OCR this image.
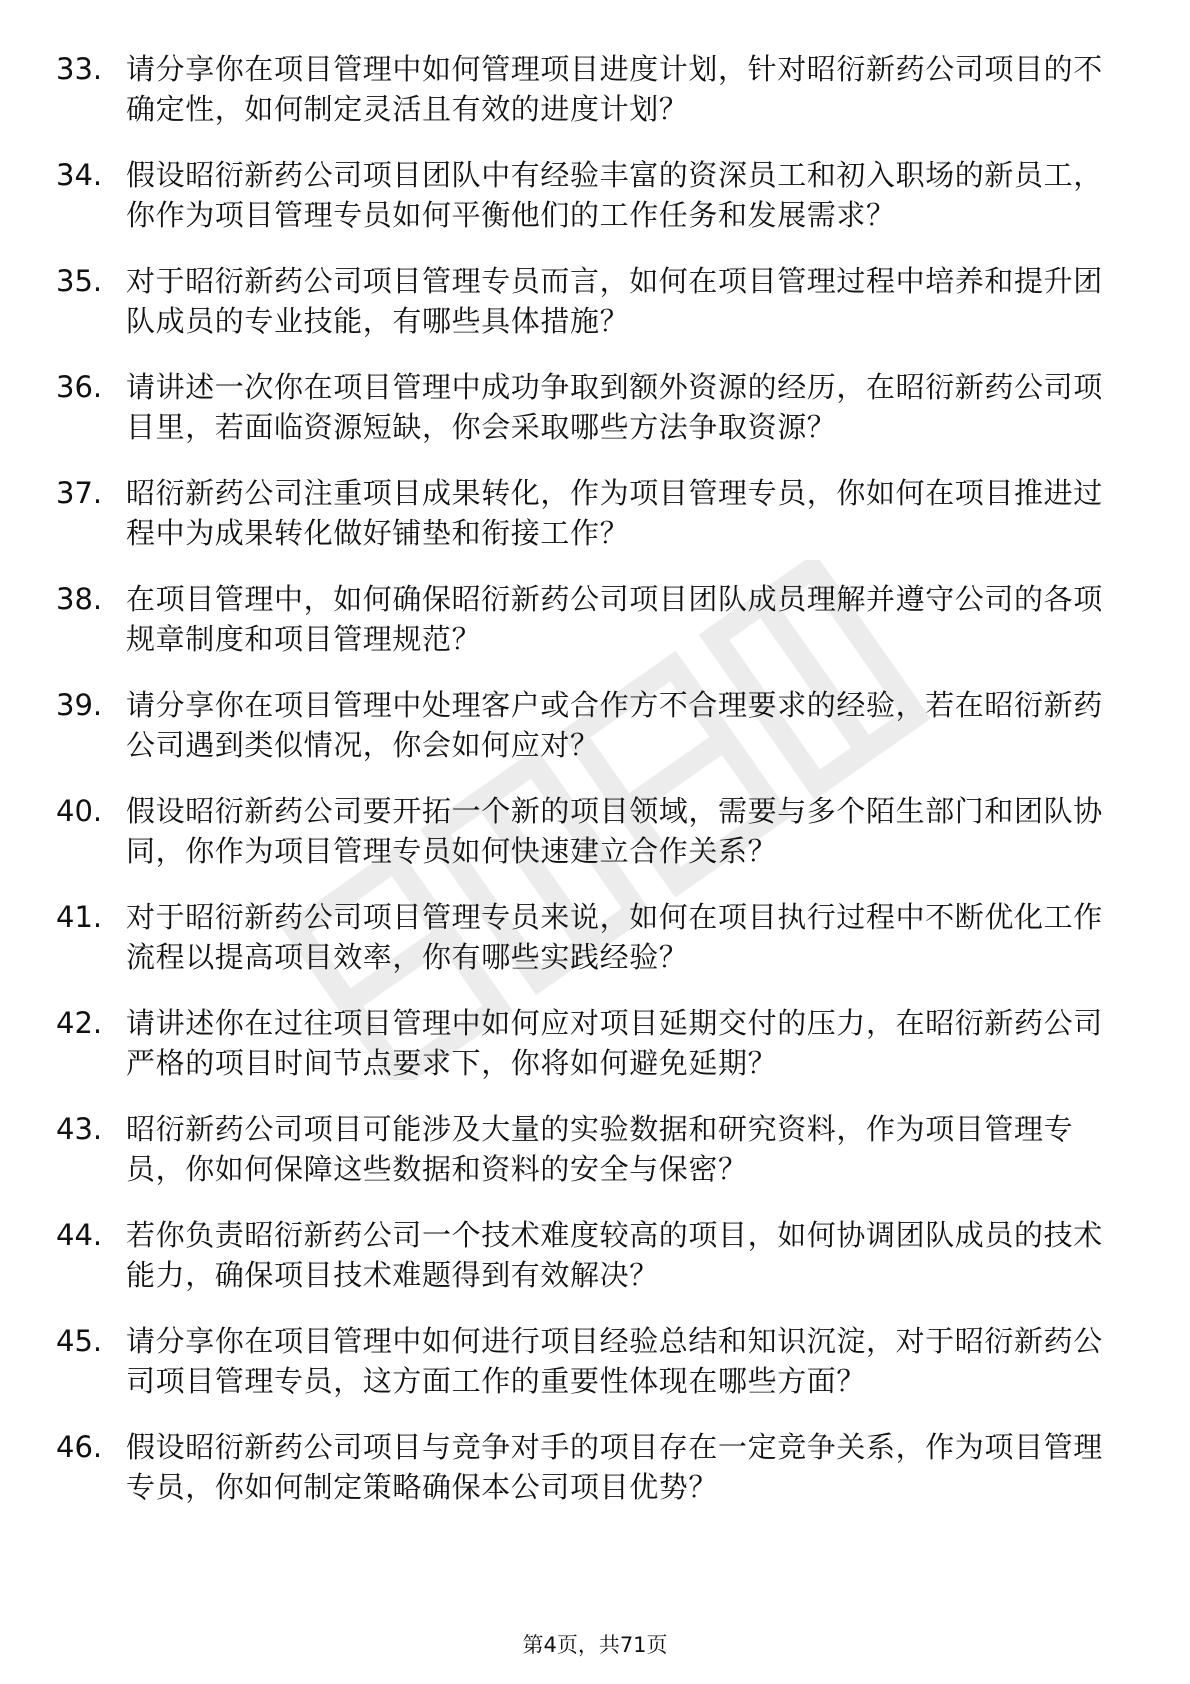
33. 请分享你在项目管理中如何管理项目进度计划，针对昭衍新药公司项目的不确定性，如何制定灵活且有效的进度计划？
34. 假设昭衍新药公司项目团队中有经验丰富的资深员工和初入职场的新员工，你作为项目管理专员如何平衡他们的工作任务和发展需求？
35. 对于昭衍新药公司项目管理专员而言，如何在项目管理过程中培养和提升团队成员的专业技能，有哪些具体措施？
36. 请讲述一次你在项目管理中成功争取到额外资源的经历，在昭衍新药公司项目里，若面临资源短缺，你会采取哪些方法争取资源？
37. 昭衍新药公司注重项目成果转化，作为项目管理专员，你如何在项目推进过程中为成果转化做好铺垫和衔接工作？
38. 在项目管理中，如何确保昭衍新药公司项目团队成员理解并遵守公司的各项规章制度和项目管理规范？
39. 请分享你在项目管理中处理客户或合作方不合理要求的经验，若在昭衍新药公司遇到类似情况，你会如何应对？
40. 假设昭衍新药公司要开拓一个新的项目领域，需要与多个陌生部门和团队协同，你作为项目管理专员如何快速建立合作关系？
41. 对于昭衍新药公司项目管理专员来说，如何在项目执行过程中不断优化工作流程以提高项目效率，你有哪些实践经验？
42. 请讲述你在过往项目管理中如何应对项目延期交付的压力，在昭衍新药公司严格的项目时间节点要求下，你将如何避免延期？
43. 昭衍新药公司项目可能涉及大量的实验数据和研究资料，作为项目管理专员，你如何保障这些数据和资料的安全与保密？
44. 若你负责昭衍新药公司一个技术难度较高的项目，如何协调团队成员的技术能力，确保项目技术难题得到有效解决？
45. 请分享你在项目管理中如何进行项目经验总结和知识沉淀，对于昭衍新药公司项目管理专员，这方面工作的重要性体现在哪些方面？
46. 假设昭衍新药公司项目与竞争对手的项目存在一定竞争关系，作为项目管理专员，你如何制定策略确保本公司项目优势？
第4页，共71页
